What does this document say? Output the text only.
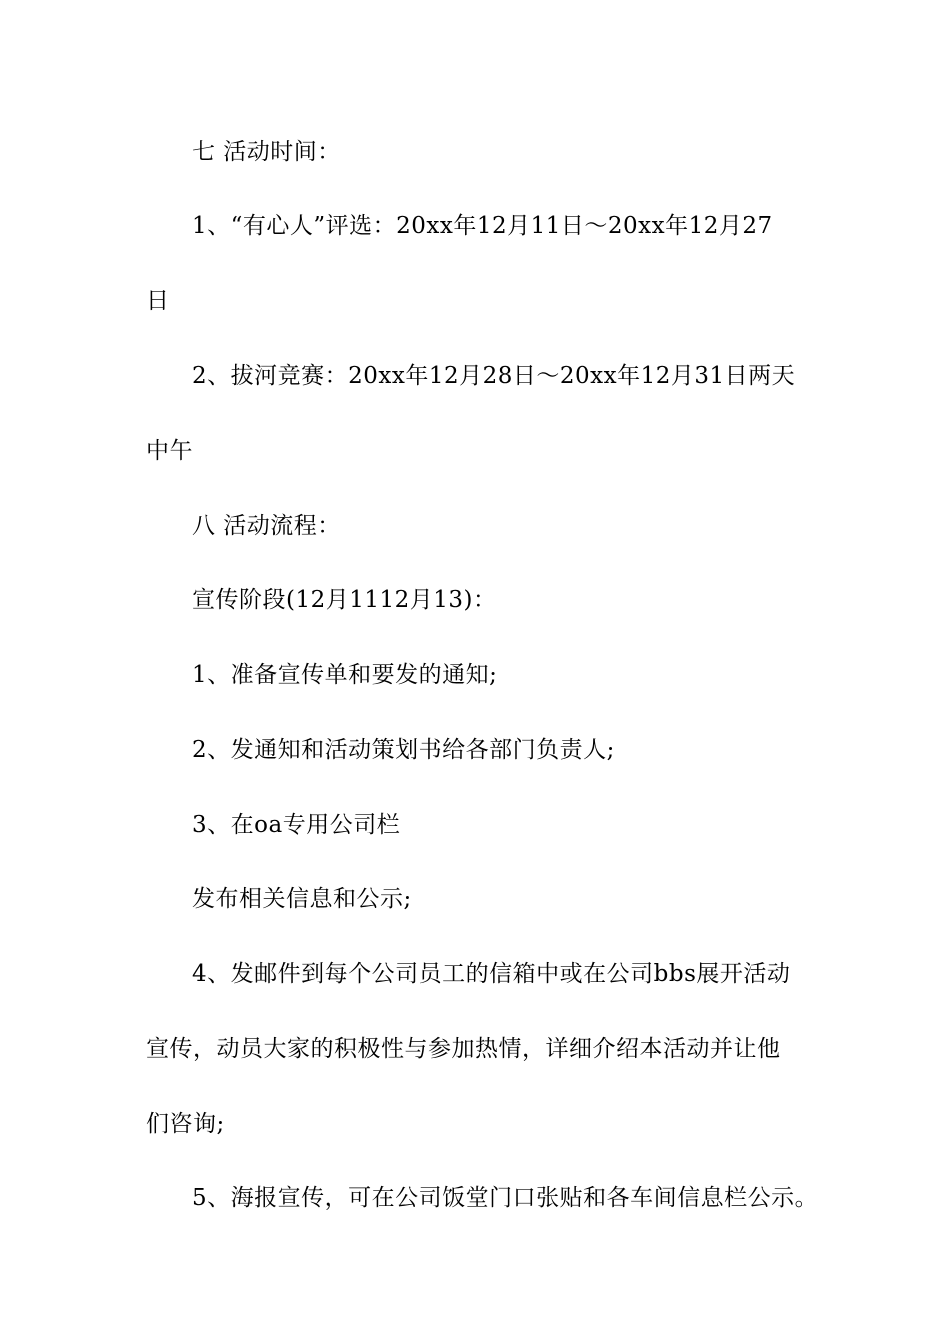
七 活动时间：
1、“有心人”评选：20xx年12月11日～20xx年12月27
日
2、拔河竞赛：20xx年12月28日～20xx年12月31日两天
中午
八 活动流程：
宣传阶段(12月1112月13)：
1、准备宣传单和要发的通知;
2、发通知和活动策划书给各部门负责人;
3、在oa专用公司栏
发布相关信息和公示;
4、发邮件到每个公司员工的信箱中或在公司bbs展开活动
宣传，动员大家的积极性与参加热情，详细介绍本活动并让他
们咨询;
5、海报宣传，可在公司饭堂门口张贴和各车间信息栏公示。
